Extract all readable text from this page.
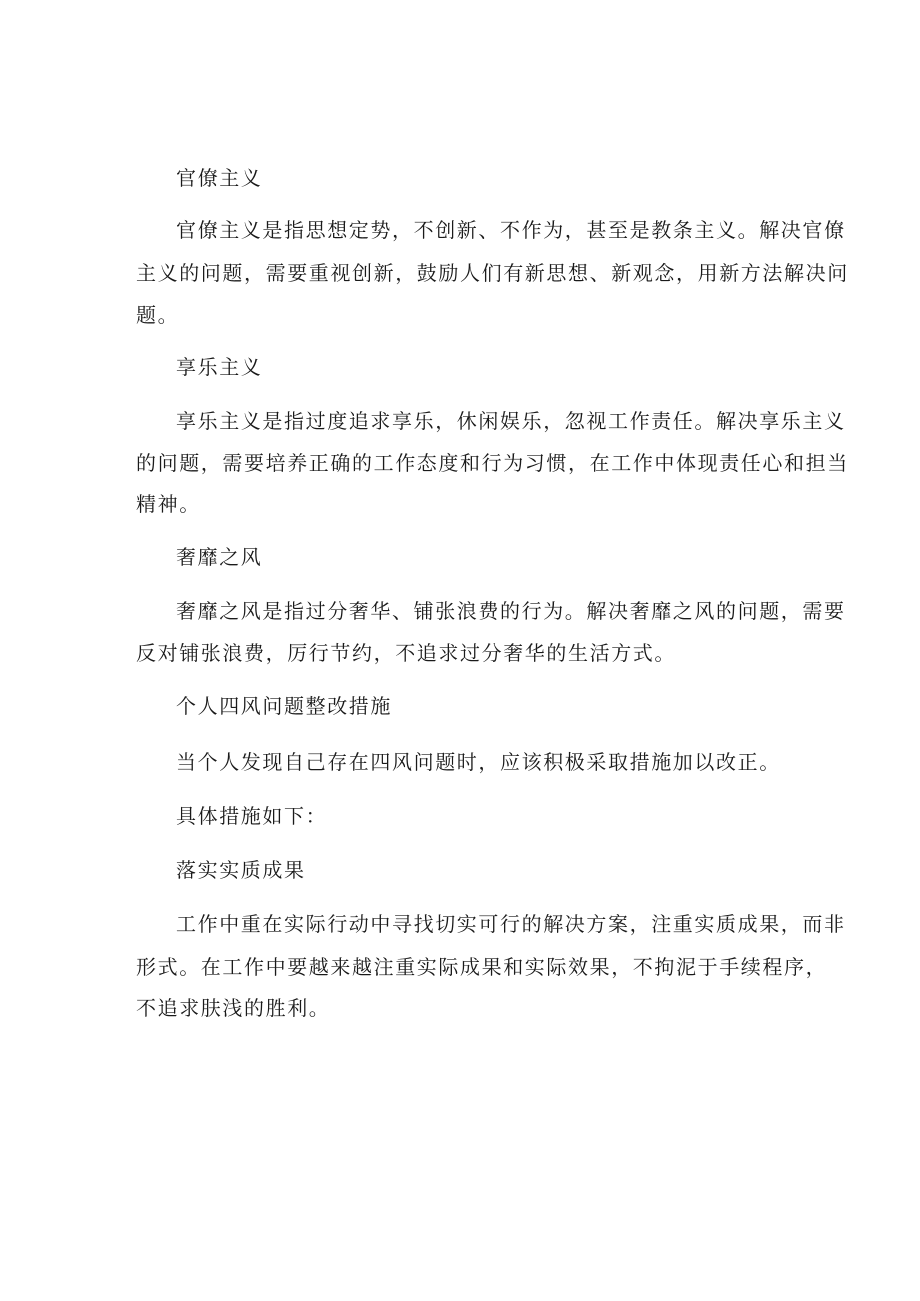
官僚主义
官僚主义是指思想定势，不创新、不作为，甚至是教条主义。解决官僚
主义的问题，需要重视创新，鼓励人们有新思想、新观念，用新方法解决问
题。
享乐主义
享乐主义是指过度追求享乐，休闲娱乐，忽视工作责任。解决享乐主义
的问题，需要培养正确的工作态度和行为习惯，在工作中体现责任心和担当
精神。
奢靡之风
奢靡之风是指过分奢华、铺张浪费的行为。解决奢靡之风的问题，需要
反对铺张浪费，厉行节约，不追求过分奢华的生活方式。
个人四风问题整改措施
当个人发现自己存在四风问题时，应该积极采取措施加以改正。
具体措施如下：
落实实质成果
工作中重在实际行动中寻找切实可行的解决方案，注重实质成果，而非
形式。在工作中要越来越注重实际成果和实际效果，不拘泥于手续程序，
不追求肤浅的胜利。
